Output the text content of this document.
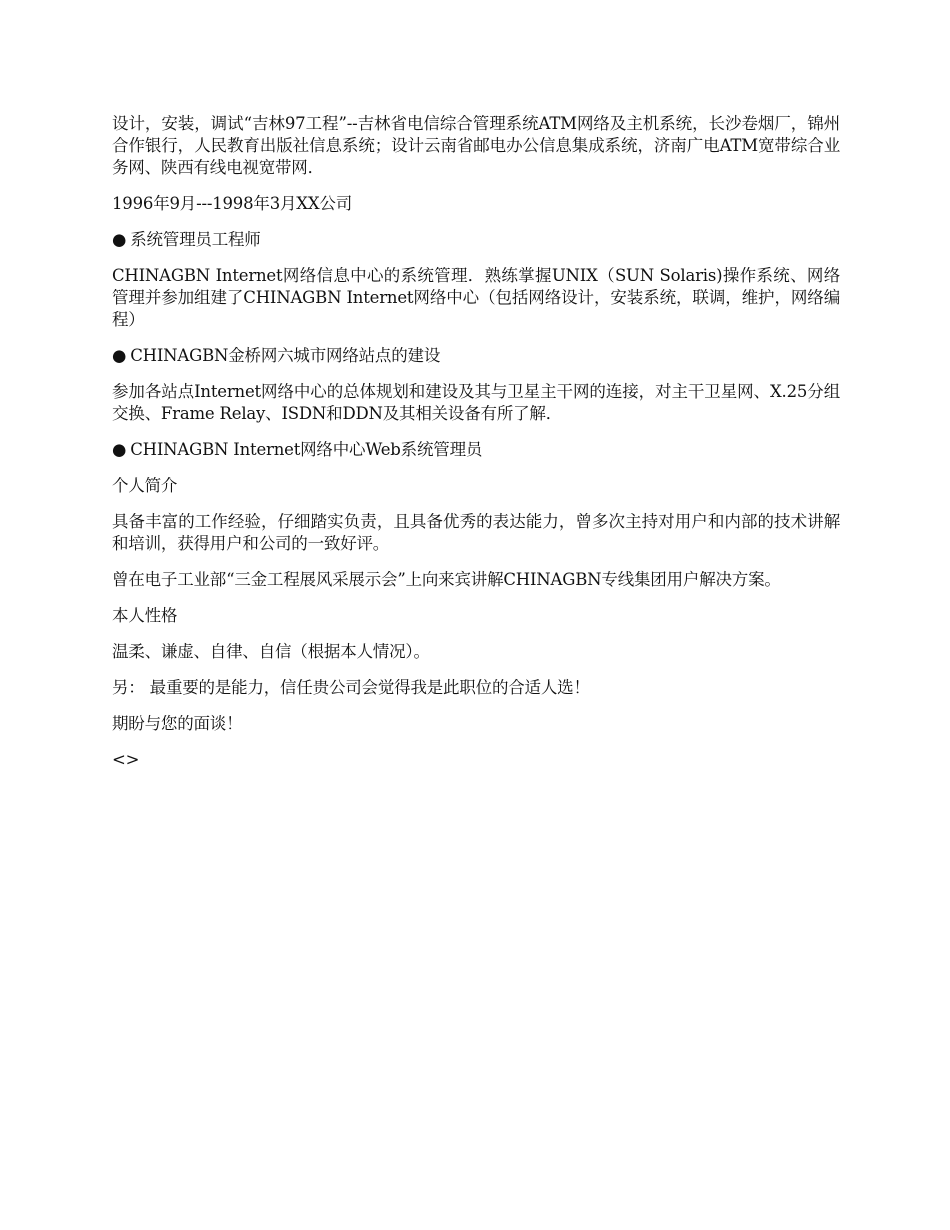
设计，安装，调试“吉林97工程”--吉林省电信综合管理系统ATM网络及主机系统，长沙卷烟厂，锦州合作银行，人民教育出版社信息系统；设计云南省邮电办公信息集成系统，济南广电ATM宽带综合业务网、陕西有线电视宽带网．

1996年9月---1998年3月XX公司

● 系统管理员工程师

CHINAGBN Internet网络信息中心的系统管理．熟练掌握UNIX（SUN Solaris)操作系统、网络管理并参加组建了CHINAGBN Internet网络中心（包括网络设计，安装系统，联调，维护，网络编程）

● CHINAGBN金桥网六城市网络站点的建设

参加各站点Internet网络中心的总体规划和建设及其与卫星主干网的连接，对主干卫星网、X.25分组交换、Frame Relay、ISDN和DDN及其相关设备有所了解．

● CHINAGBN Internet网络中心Web系统管理员

个人简介

具备丰富的工作经验，仔细踏实负责，且具备优秀的表达能力，曾多次主持对用户和内部的技术讲解和培训，获得用户和公司的一致好评。

曾在电子工业部“三金工程展风采展示会”上向来宾讲解CHINAGBN专线集团用户解决方案。

本人性格

温柔、谦虚、自律、自信（根据本人情况）。

另： 最重要的是能力，信任贵公司会觉得我是此职位的合适人选！

期盼与您的面谈！

<>
